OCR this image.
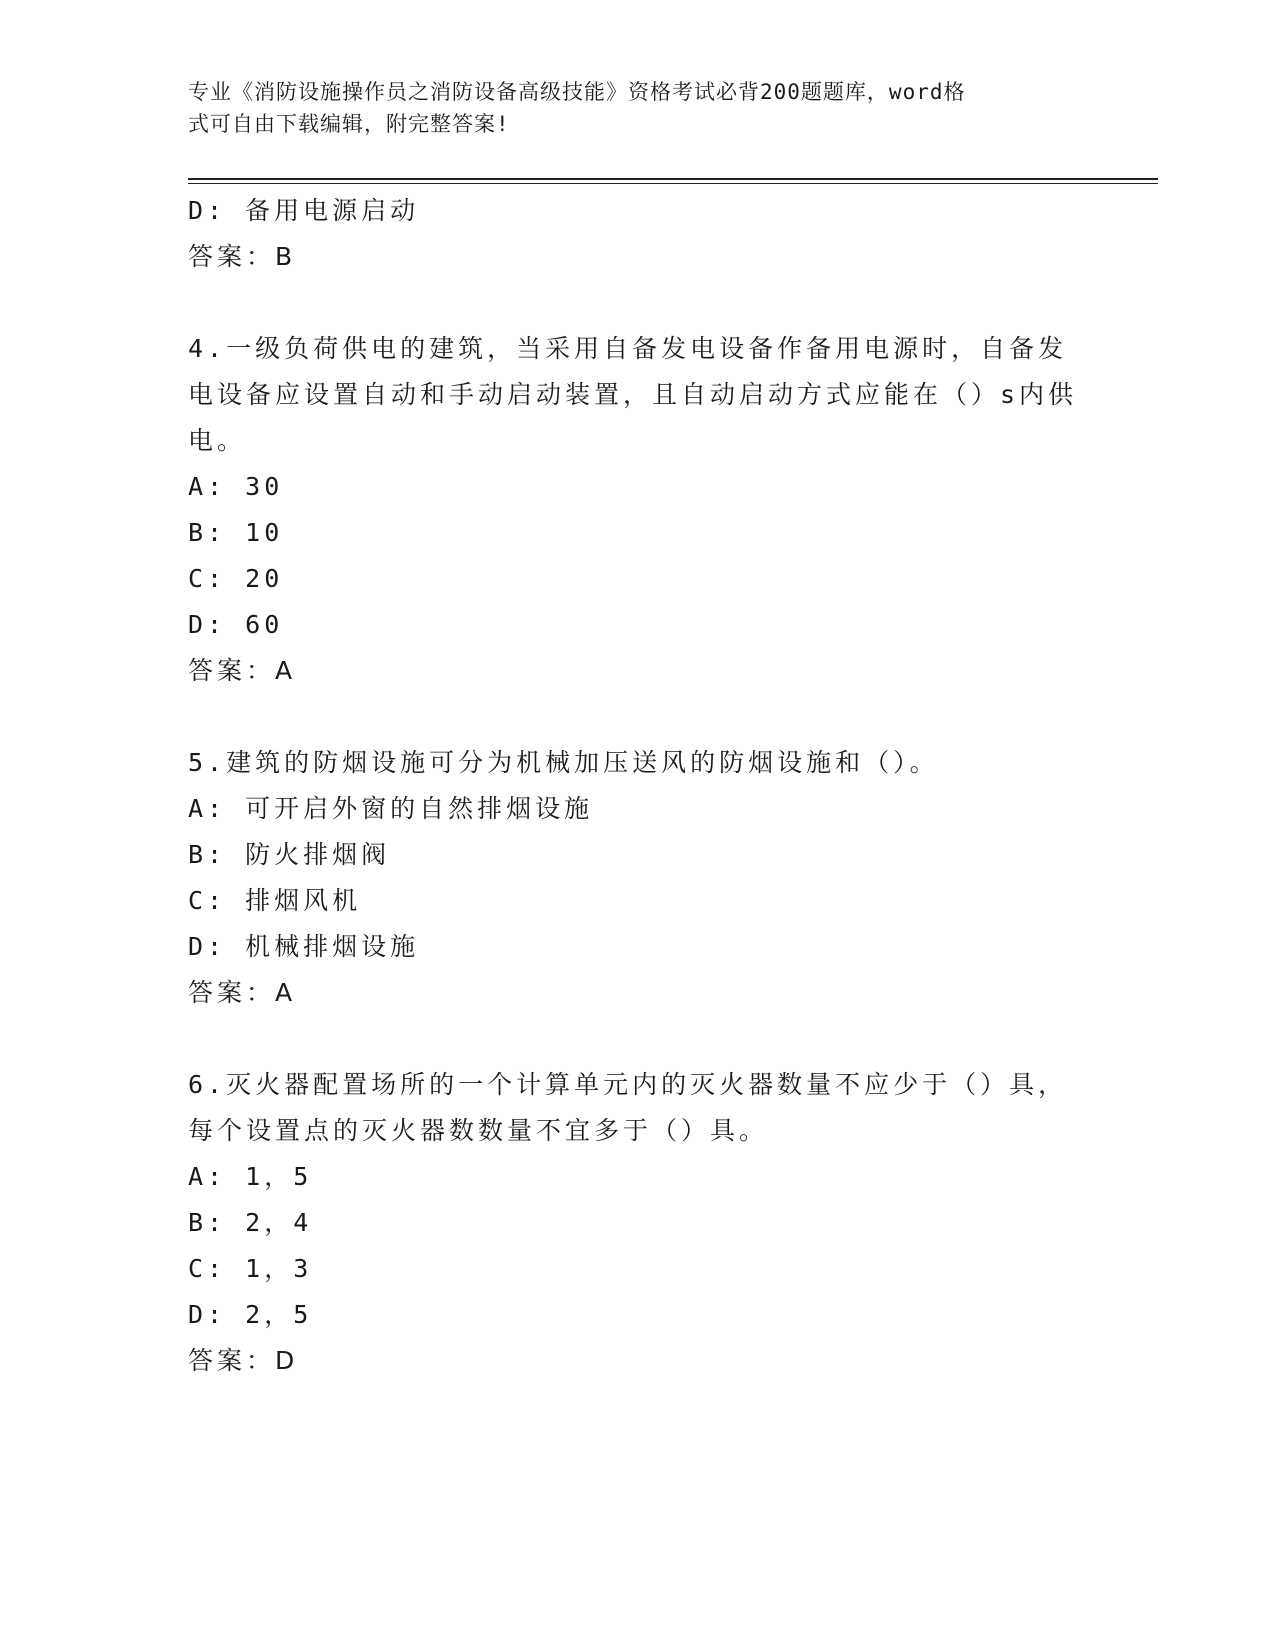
专业《消防设施操作员之消防设备高级技能》资格考试必背200题题库，word格
式可自由下载编辑，附完整答案!
D: 备用电源启动
答案：B
4.一级负荷供电的建筑，当采用自备发电设备作备用电源时，自备发
电设备应设置自动和手动启动装置，且自动启动方式应能在（）s内供
电。
A: 30
B: 10
C: 20
D: 60
答案：A
5.建筑的防烟设施可分为机械加压送风的防烟设施和（）。
A: 可开启外窗的自然排烟设施
B: 防火排烟阀
C: 排烟风机
D: 机械排烟设施
答案：A
6.灭火器配置场所的一个计算单元内的灭火器数量不应少于（）具，
每个设置点的灭火器数数量不宜多于（）具。
A: 1，5
B: 2，4
C: 1，3
D: 2，5
答案：D
